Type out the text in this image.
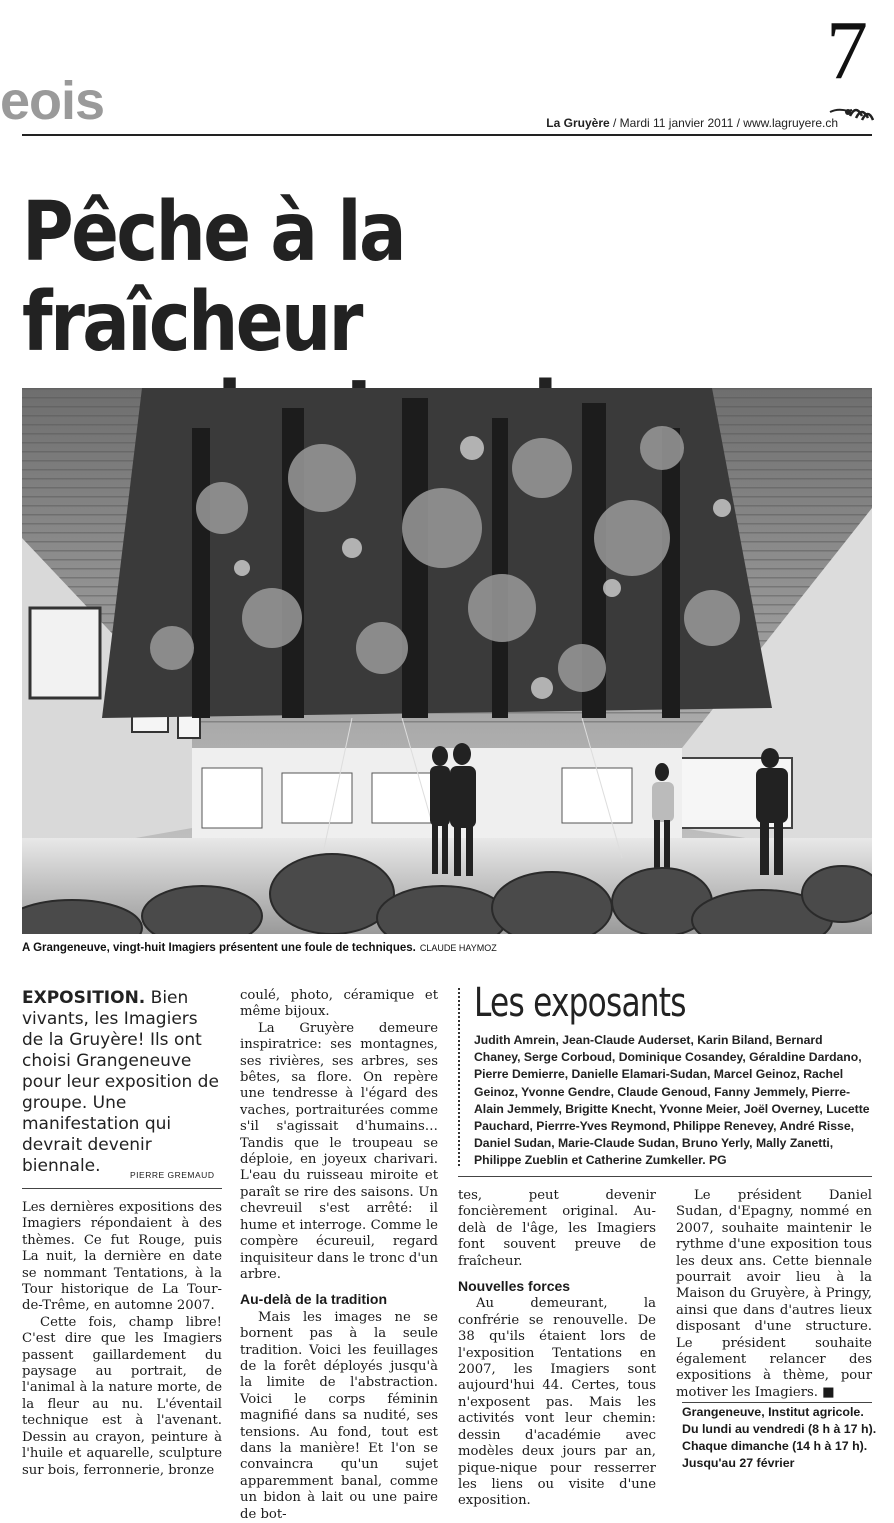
eois
7
La Gruyère / Mardi 11 janvier 2011 / www.lagruyere.ch
Pêche à la fraîcheur
A Grangeneuve, vingt-huit Imagiers présentent une foule de techniques. CLAUDE HAYMOZ
EXPOSITION. Bien vivants, les Imagiers de la Gruyère! Ils ont choisi Grangeneuve pour leur exposition de groupe. Une manifestation qui devrait devenir biennale.	PIERRE GREMAUD

Les dernières expositions des Imagiers répondaient à des thèmes. Ce fut Rouge, puis La nuit, la dernière en date se nommant Tentations, à la Tour historique de La Tour-de-Trême, en automne 2007.

Cette fois, champ libre! C'est dire que les Imagiers passent gaillardement du paysage au portrait, de l'animal à la nature morte, de la fleur au nu. L'éventail technique est à l'avenant. Dessin au crayon, peinture à l'huile et aquarelle, sculpture sur bois, ferronnerie, bronze

coulé, photo, céramique et même bijoux.

La Gruyère demeure inspiratrice: ses montagnes, ses rivières, ses arbres, ses bêtes, sa flore. On repère une tendresse à l'égard des vaches, portraiturées comme s'il s'agissait d'humains… Tandis que le troupeau se déploie, en joyeux charivari. L'eau du ruisseau miroite et paraît se rire des saisons. Un chevreuil s'est arrêté: il hume et interroge. Comme le compère écureuil, regard inquisiteur dans le tronc d'un arbre.

Au-delà de la tradition

Mais les images ne se bornent pas à la seule tradition. Voici les feuillages de la forêt déployés jusqu'à la limite de l'abstraction. Voici le corps féminin magnifié dans sa nudité, ses tensions. Au fond, tout est dans la manière! Et l'on se convaincra qu'un sujet apparemment banal, comme un bidon à lait ou une paire de bot-

Les exposants
Judith Amrein, Jean-Claude Auderset, Karin Biland, Bernard Chaney, Serge Corboud, Dominique Cosandey, Géraldine Dardano, Pierre Demierre, Danielle Elamari-Sudan, Marcel Geinoz, Rachel Geinoz, Yvonne Gendre, Claude Genoud, Fanny Jemmely, Pierre-Alain Jemmely, Brigitte Knecht, Yvonne Meier, Joël Overney, Lucette Pauchard, Pierrre-Yves Reymond, Philippe Renevey, André Risse, Daniel Sudan, Marie-Claude Sudan, Bruno Yerly, Mally Zanetti, Philippe Zueblin et Catherine Zumkeller. PG

tes, peut devenir foncièrement original. Au-delà de l'âge, les Imagiers font souvent preuve de fraîcheur.

Nouvelles forces

Au demeurant, la confrérie se renouvelle. De 38 qu'ils étaient lors de l'exposition Tentations en 2007, les Imagiers sont aujourd'hui 44. Certes, tous n'exposent pas. Mais les activités vont leur chemin: dessin d'académie avec modèles deux jours par an, pique-nique pour resserrer les liens ou visite d'une exposition.

Le président Daniel Sudan, d'Epagny, nommé en 2007, souhaite maintenir le rythme d'une exposition tous les deux ans. Cette biennale pourrait avoir lieu à la Maison du Gruyère, à Pringy, ainsi que dans d'autres lieux disposant d'une structure. Le président souhaite également relancer des expositions à thème, pour motiver les Imagiers. ■

Grangeneuve, Institut agricole.
Du lundi au vendredi (8 h à 17 h).
Chaque dimanche (14 h à 17 h).
Jusqu'au 27 février
